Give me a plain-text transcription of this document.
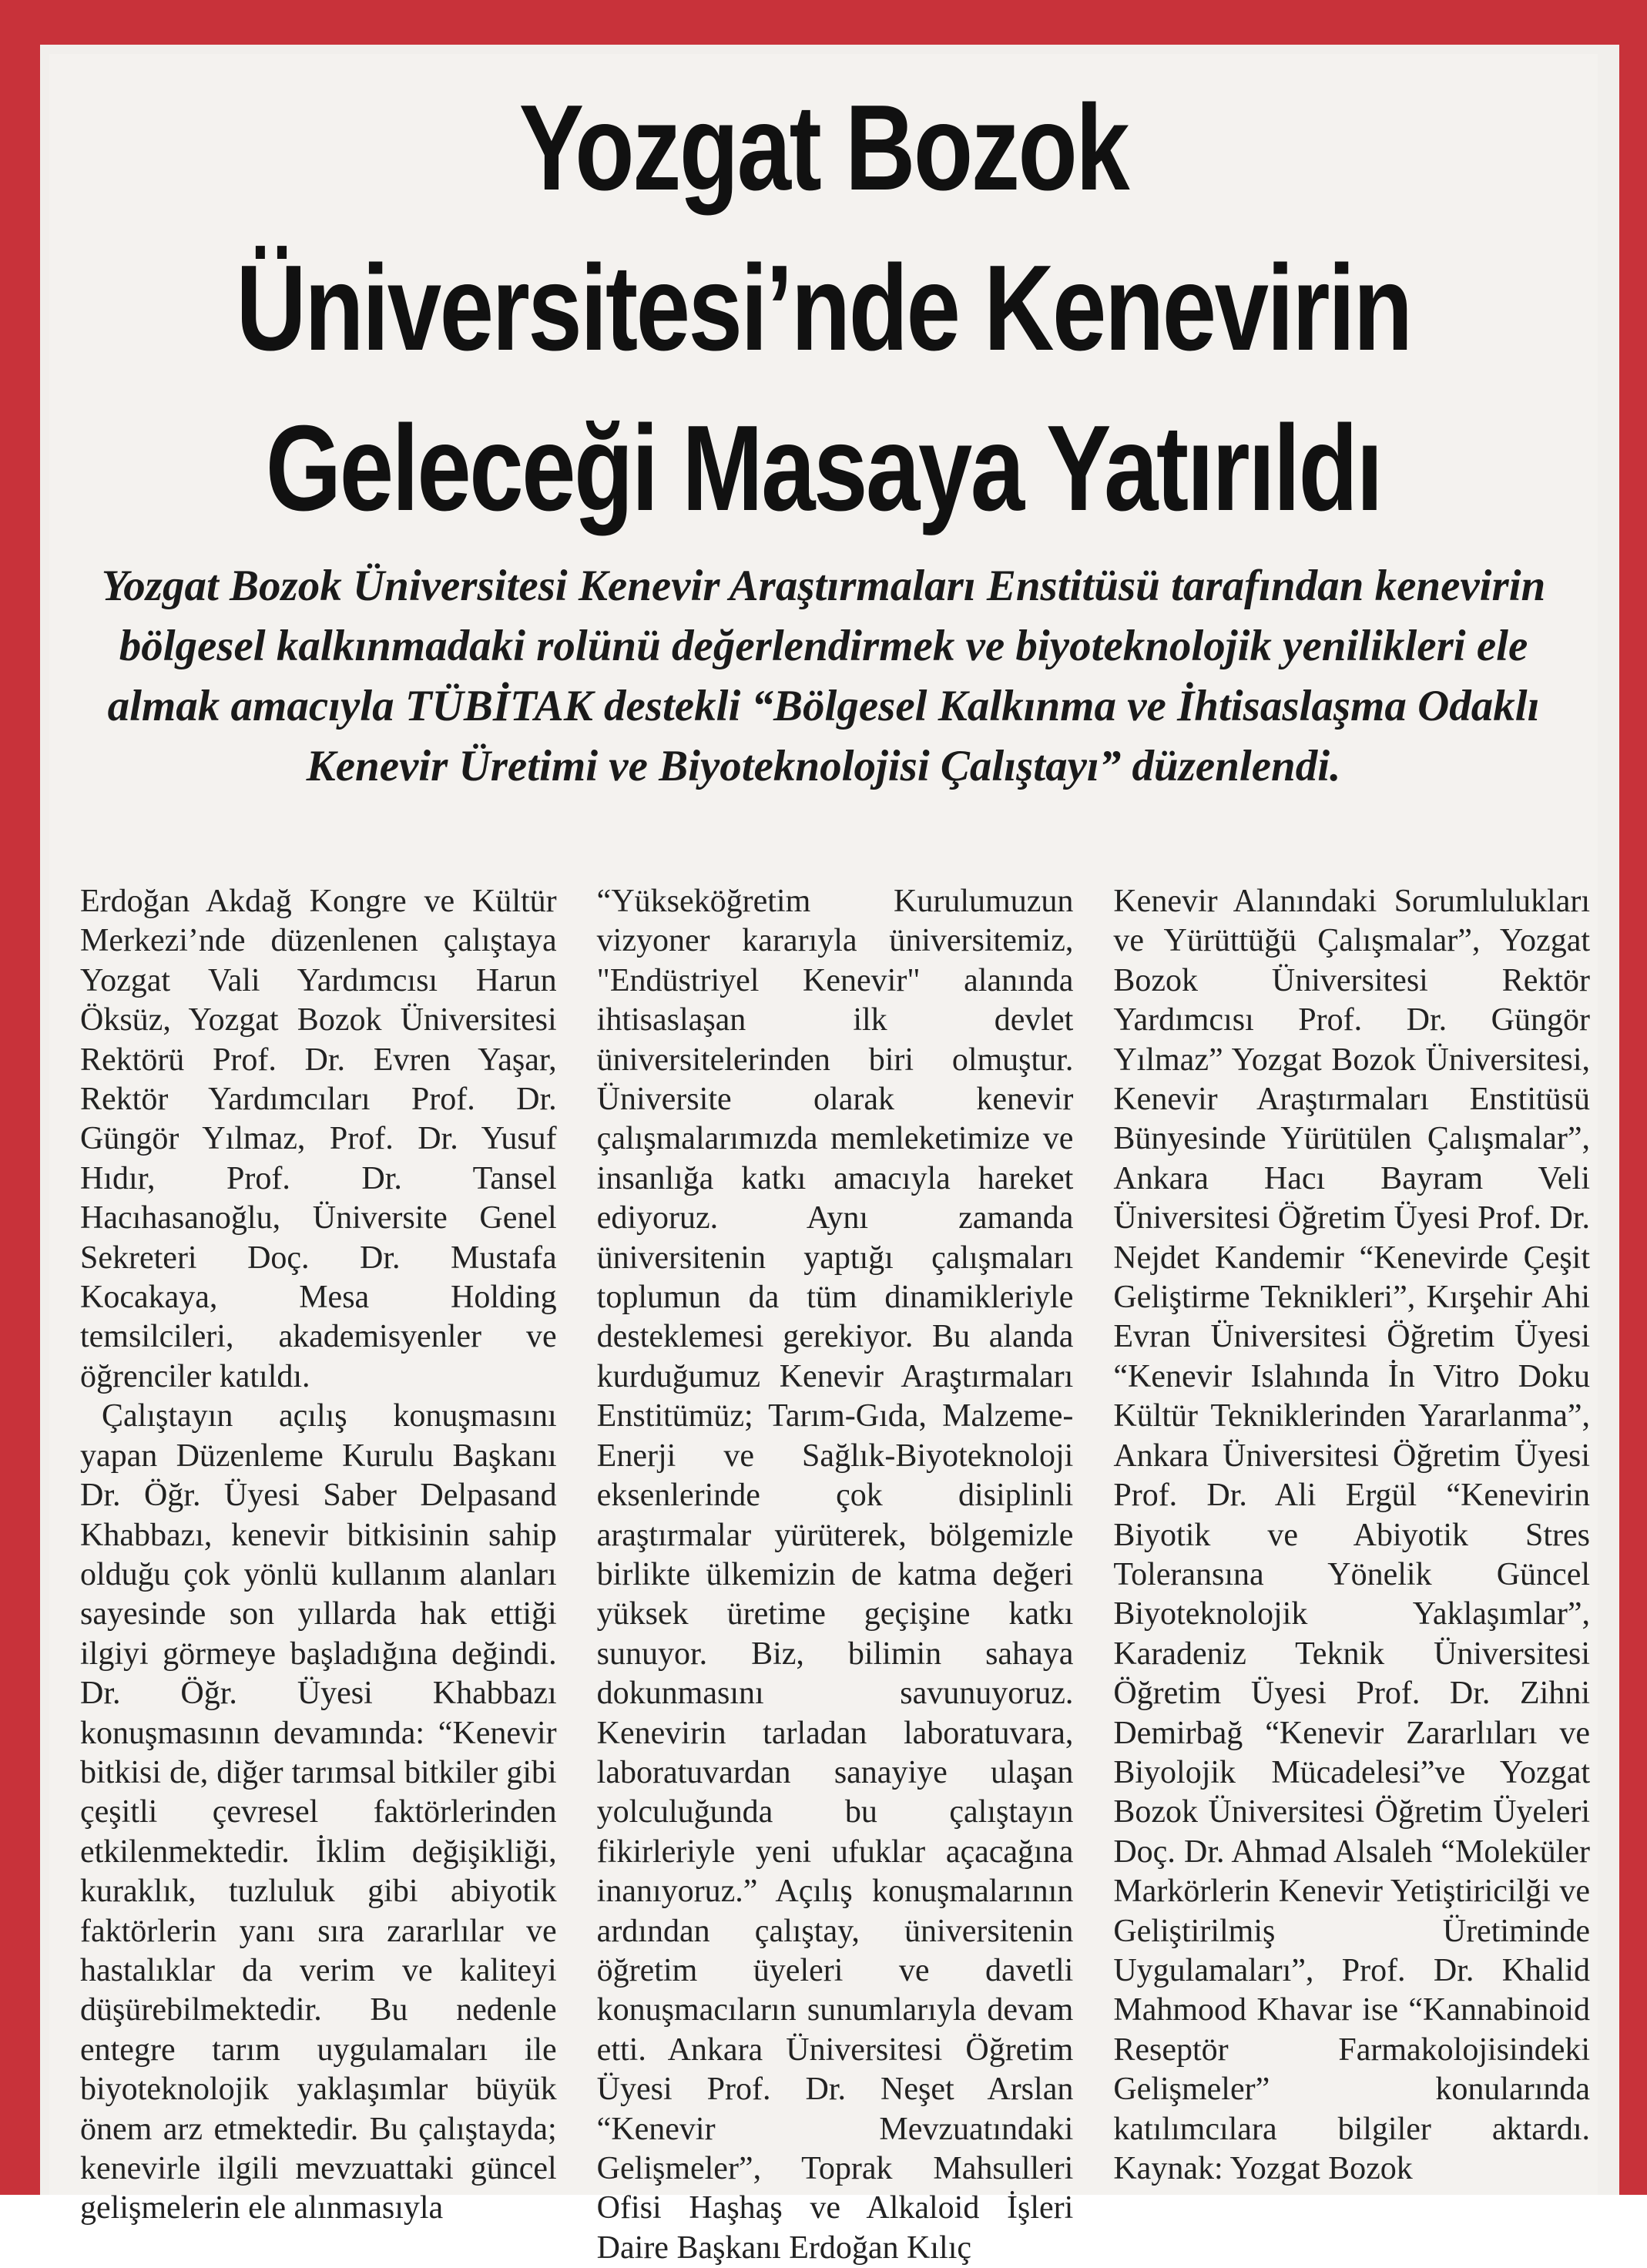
Yozgat Bozok Üniversitesi’nde Kenevirin Geleceği Masaya Yatırıldı

Yozgat Bozok Üniversitesi Kenevir Araştırmaları Enstitüsü tarafından kenevirin bölgesel kalkınmadaki rolünü değerlendirmek ve biyoteknolojik yenilikleri ele almak amacıyla TÜBİTAK destekli “Bölgesel Kalkınma ve İhtisaslaşma Odaklı Kenevir Üretimi ve Biyoteknolojisi Çalıştayı” düzenlendi.

Erdoğan Akdağ Kongre ve Kültür Merkezi’nde düzenlenen çalıştaya Yozgat Vali Yardımcısı Harun Öksüz, Yozgat Bozok Üniversitesi Rektörü Prof. Dr. Evren Yaşar, Rektör Yardımcıları Prof. Dr. Güngör Yılmaz, Prof. Dr. Yusuf Hıdır, Prof. Dr. Tansel Hacıhasanoğlu, Üniversite Genel Sekreteri Doç. Dr. Mustafa Kocakaya, Mesa Holding temsilcileri, akademisyenler ve öğrenciler katıldı.

Çalıştayın açılış konuşmasını yapan Düzenleme Kurulu Başkanı Dr. Öğr. Üyesi Saber Delpasand Khabbazı, kenevir bitkisinin sahip olduğu çok yönlü kullanım alanları sayesinde son yıllarda hak ettiği ilgiyi görmeye başladığına değindi. Dr. Öğr. Üyesi Khabbazı konuşmasının devamında: “Kenevir bitkisi de, diğer tarımsal bitkiler gibi çeşitli çevresel faktörlerinden etkilenmektedir. İklim değişikliği, kuraklık, tuzluluk gibi abiyotik faktörlerin yanı sıra zararlılar ve hastalıklar da verim ve kaliteyi düşürebilmektedir. Bu nedenle entegre tarım uygulamaları ile biyoteknolojik yaklaşımlar büyük önem arz etmektedir. Bu çalıştayda; kenevirle ilgili mevzuattaki güncel gelişmelerin ele alınmasıyla

“Yükseköğretim Kurulumuzun vizyoner kararıyla üniversitemiz, "Endüstriyel Kenevir" alanında ihtisaslaşan ilk devlet üniversitelerinden biri olmuştur. Üniversite olarak kenevir çalışmalarımızda memleketimize ve insanlığa katkı amacıyla hareket ediyoruz. Aynı zamanda üniversitenin yaptığı çalışmaları toplumun da tüm dinamikleriyle desteklemesi gerekiyor. Bu alanda kurduğumuz Kenevir Araştırmaları Enstitümüz; Tarım-Gıda, Malzeme-Enerji ve Sağlık-Biyoteknoloji eksenlerinde çok disiplinli araştırmalar yürüterek, bölgemizle birlikte ülkemizin de katma değeri yüksek üretime geçişine katkı sunuyor. Biz, bilimin sahaya dokunmasını savunuyoruz. Kenevirin tarladan laboratuvara, laboratuvardan sanayiye ulaşan yolculuğunda bu çalıştayın fikirleriyle yeni ufuklar açacağına inanıyoruz.” Açılış konuşmalarının ardından çalıştay, üniversitenin öğretim üyeleri ve davetli konuşmacıların sunumlarıyla devam etti. Ankara Üniversitesi Öğretim Üyesi Prof. Dr. Neşet Arslan “Kenevir Mevzuatındaki Gelişmeler”, Toprak Mahsulleri Ofisi Haşhaş ve Alkaloid İşleri Daire Başkanı Erdoğan Kılıç

Kenevir Alanındaki Sorumlulukları ve Yürüttüğü Çalışmalar”, Yozgat Bozok Üniversitesi Rektör Yardımcısı Prof. Dr. Güngör Yılmaz” Yozgat Bozok Üniversitesi, Kenevir Araştırmaları Enstitüsü Bünyesinde Yürütülen Çalışmalar”, Ankara Hacı Bayram Veli Üniversitesi Öğretim Üyesi Prof. Dr. Nejdet Kandemir “Kenevirde Çeşit Geliştirme Teknikleri”, Kırşehir Ahi Evran Üniversitesi Öğretim Üyesi “Kenevir Islahında İn Vitro Doku Kültür Tekniklerinden Yararlanma”, Ankara Üniversitesi Öğretim Üyesi Prof. Dr. Ali Ergül “Kenevirin Biyotik ve Abiyotik Stres Toleransına Yönelik Güncel Biyoteknolojik Yaklaşımlar”, Karadeniz Teknik Üniversitesi Öğretim Üyesi Prof. Dr. Zihni Demirbağ “Kenevir Zararlıları ve Biyolojik Mücadelesi”ve Yozgat Bozok Üniversitesi Öğretim Üyeleri Doç. Dr. Ahmad Alsaleh “Moleküler Markörlerin Kenevir Yetiştiricilği ve Geliştirilmiş Üretiminde Uygulamaları”, Prof. Dr. Khalid Mahmood Khavar ise “Kannabinoid Reseptör Farmakolojisindeki Gelişmeler” konularında katılımcılara bilgiler aktardı. Kaynak: Yozgat Bozok
